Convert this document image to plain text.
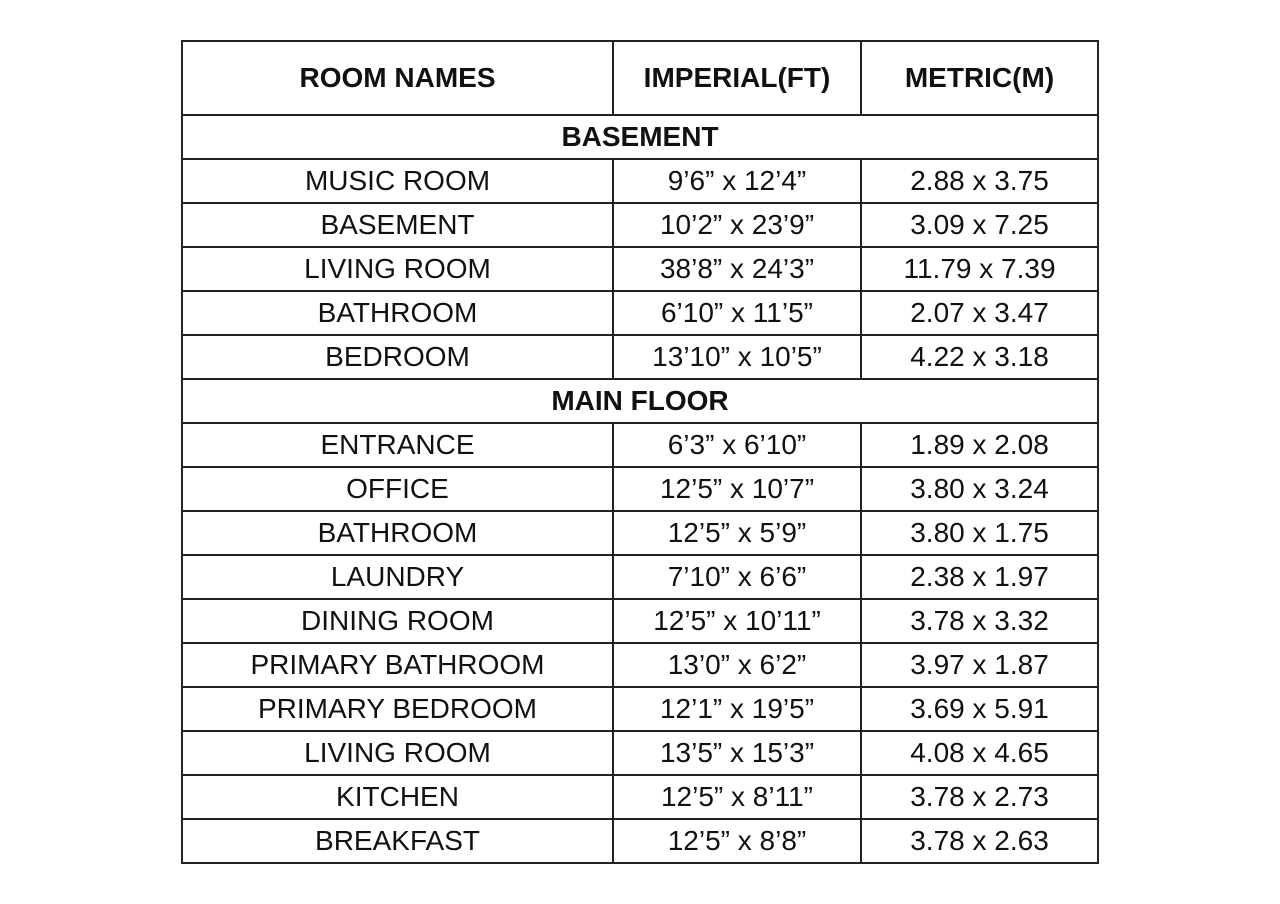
ROOM NAMES	IMPERIAL(FT)	METRIC(M)
BASEMENT		
MUSIC ROOM	9’6” x 12’4”	2.88 x 3.75
BASEMENT	10’2” x 23’9”	3.09 x 7.25
LIVING ROOM	38’8” x 24’3”	11.79 x 7.39
BATHROOM	6’10” x 11’5”	2.07 x 3.47
BEDROOM	13’10” x 10’5”	4.22 x 3.18
MAIN FLOOR		
ENTRANCE	6’3” x 6’10”	1.89 x 2.08
OFFICE	12’5” x 10’7”	3.80 x 3.24
BATHROOM	12’5” x 5’9”	3.80 x 1.75
LAUNDRY	7’10” x 6’6”	2.38 x 1.97
DINING ROOM	12’5” x 10’11”	3.78 x 3.32
PRIMARY BATHROOM	13’0” x 6’2”	3.97 x 1.87
PRIMARY BEDROOM	12’1” x 19’5”	3.69 x 5.91
LIVING ROOM	13’5” x 15’3”	4.08 x 4.65
KITCHEN	12’5” x 8’11”	3.78 x 2.73
BREAKFAST	12’5” x 8’8”	3.78 x 2.63
